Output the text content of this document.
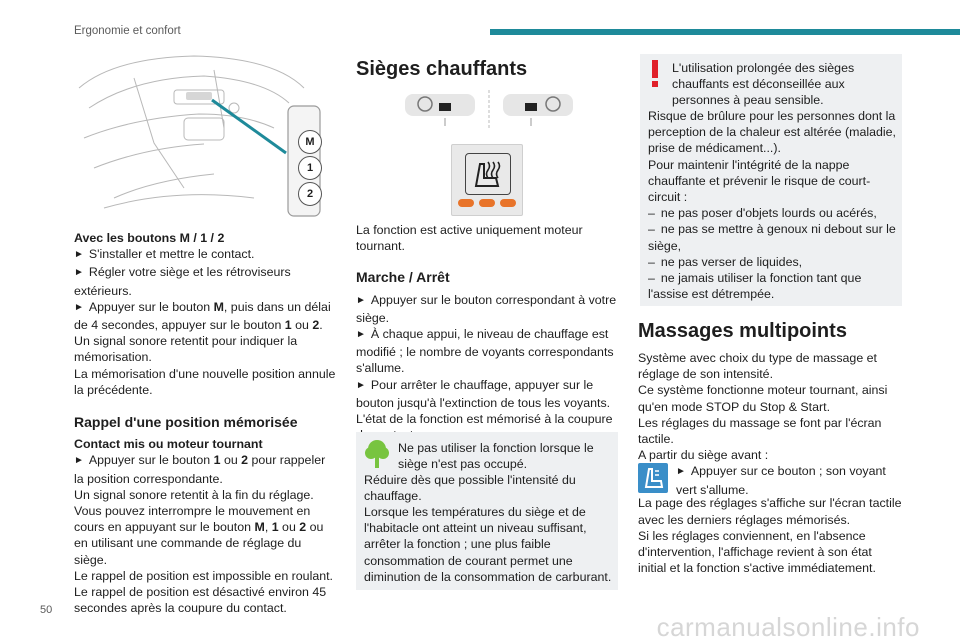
Ergonomie et confort
M
1
2

Avec les boutons M / 1 / 2

► S'installer et mettre le contact.

► Régler votre siège et les rétroviseurs extérieurs.

► Appuyer sur le bouton M, puis dans un délai de 4 secondes, appuyer sur le bouton 1 ou 2.

Un signal sonore retentit pour indiquer la mémorisation.

La mémorisation d'une nouvelle position annule la précédente.

Rappel d'une position mémorisée

Contact mis ou moteur tournant

► Appuyer sur le bouton 1 ou 2 pour rappeler la position correspondante.

Un signal sonore retentit à la fin du réglage.

Vous pouvez interrompre le mouvement en cours en appuyant sur le bouton M, 1 ou 2 ou en utilisant une commande de réglage du siège.

Le rappel de position est impossible en roulant.

Le rappel de position est désactivé environ 45 secondes après la coupure du contact.

Sièges chauffants

La fonction est active uniquement moteur tournant.

Marche / Arrêt

► Appuyer sur le bouton correspondant à votre siège.

► À chaque appui, le niveau de chauffage est modifié ; le nombre de voyants correspondants s'allume.

► Pour arrêter le chauffage, appuyer sur le bouton jusqu'à l'extinction de tous les voyants.

L'état de la fonction est mémorisé à la coupure

Ne pas utiliser la fonction lorsque le siège n'est pas occupé.

Réduire dès que possible l'intensité du chauffage.

Lorsque les températures du siège et de l'habitacle ont atteint un niveau suffisant, arrêter la fonction ; une plus faible consommation de courant permet une diminution de la consommation de carburant.

L'utilisation prolongée des sièges chauffants est déconseillée aux personnes à peau sensible.

Risque de brûlure pour les personnes dont la perception de la chaleur est altérée (maladie, prise de médicament...).

Pour maintenir l'intégrité de la nappe chauffante et prévenir le risque de court-circuit :

– ne pas poser d'objets lourds ou acérés,

– ne pas se mettre à genoux ni debout sur le siège,

– ne pas verser de liquides,

– ne jamais utiliser la fonction tant que l'assise est détrempée.

Massages multipoints

Système avec choix du type de massage et réglage de son intensité.

Ce système fonctionne moteur tournant, ainsi qu'en mode STOP du Stop & Start.

Les réglages du massage se font par l'écran tactile.

A partir du siège avant :

► Appuyer sur ce bouton ; son voyant vert s'allume.

La page des réglages s'affiche sur l'écran tactile avec les derniers réglages mémorisés.

Si les réglages conviennent, en l'absence d'intervention, l'affichage revient à son état initial et la fonction s'active immédiatement.

50
carmanualsonline.info
